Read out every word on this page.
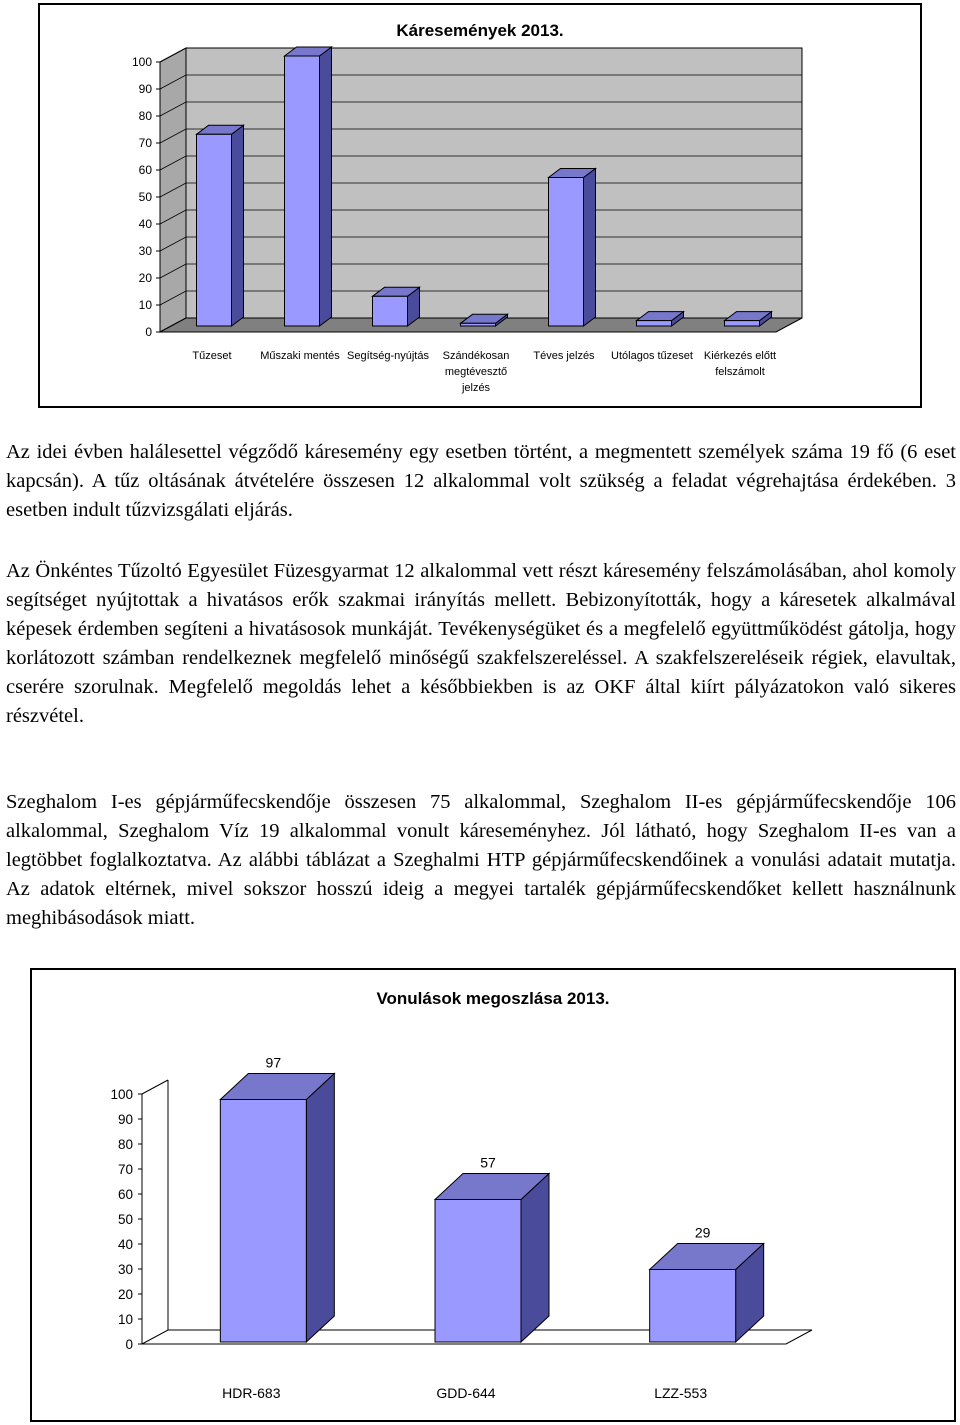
Káresemények 2013.
0
10
20
30
40
50
60
70
80
90
100
Tűzeset	Műszaki mentés Segítség-nyújtás Szándékosan megtévesztő jelzés
Téves jelzés Utólagos tűzeset Kiérkezés előtt felszámolt

Az idei évben halálesettel végződő káresemény egy esetben történt, a megmentett személyek száma 19 fő (6 eset kapcsán). A tűz oltásának átvételére összesen 12 alkalommal volt szükség a feladat végrehajtása érdekében. 3 esetben indult tűzvizsgálati eljárás.

Az Önkéntes Tűzoltó Egyesület Füzesgyarmat 12 alkalommal vett részt káresemény felszámolásában, ahol komoly segítséget nyújtottak a hivatásos erők szakmai irányítás mellett. Bebizonyították, hogy a káresetek alkalmával képesek érdemben segíteni a hivatásosok munkáját. Tevékenységüket és a megfelelő együttműködést gátolja, hogy korlátozott számban rendelkeznek megfelelő minőségű szakfelszereléssel. A szakfelszereléseik régiek, elavultak, cserére szorulnak. Megfelelő megoldás lehet a későbbiekben is az OKF által kiírt pályázatokon való sikeres részvétel.

Szeghalom I-es gépjárműfecskendője összesen 75 alkalommal, Szeghalom II-es gépjárműfecskendője 106 alkalommal, Szeghalom Víz 19 alkalommal vonult káreseményhez. Jól látható, hogy Szeghalom II-es van a legtöbbet foglalkoztatva. Az alábbi táblázat a Szeghalmi HTP gépjárműfecskendőinek a vonulási adatait mutatja. Az adatok eltérnek, mivel sokszor hosszú ideig a megyei tartalék gépjárműfecskendőket kellett használnunk meghibásodások miatt.

Vonulások megoszlása 2013.
0
10
20
30
40
50
60
70
80
90
100
97
HDR-683
57
GDD-644
29
LZZ-553
